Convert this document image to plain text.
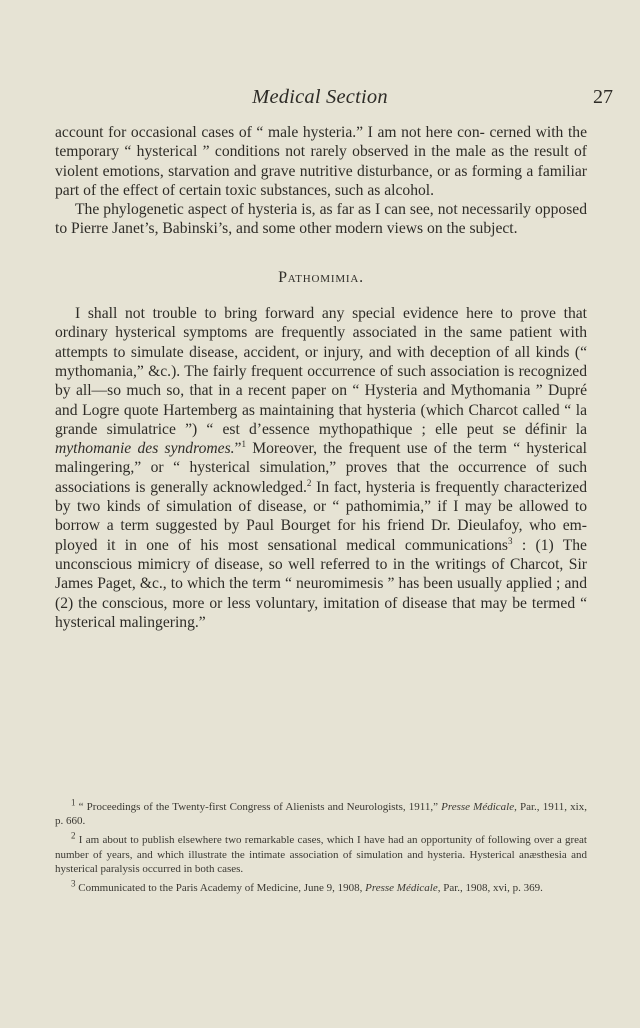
Medical Section	27

account for occasional cases of “ male hysteria.” I am not here con- cerned with the temporary “ hysterical ” conditions not rarely observed in the male as the result of violent emotions, starvation and grave nutritive disturbance, or as forming a familiar part of the effect of certain toxic substances, such as alcohol.

The phylogenetic aspect of hysteria is, as far as I can see, not necessarily opposed to Pierre Janet’s, Babinski’s, and some other modern views on the subject.

Pathomimia.

I shall not trouble to bring forward any special evidence here to prove that ordinary hysterical symptoms are frequently associated in the same patient with attempts to simulate disease, accident, or injury, and with deception of all kinds (“ mythomania,” &c.). The fairly frequent occurrence of such association is recognized by all—so much so, that in a recent paper on “ Hysteria and Mythomania ” Dupré and Logre quote Hartemberg as maintaining that hysteria (which Charcot called “ la grande simulatrice ”) “ est d’essence mythopathique ; elle peut se définir la mythomanie des syndromes.”$^1$ Moreover, the frequent use of the term “ hysterical malingering,” or “ hysterical simulation,” proves that the occurrence of such associations is generally acknowledged.$^2$ In fact, hysteria is frequently characterized by two kinds of simulation of disease, or “ pathomimia,” if I may be allowed to borrow a term suggested by Paul Bourget for his friend Dr. Dieulafoy, who em- ployed it in one of his most sensational medical communications$^3$ : (1) The unconscious mimicry of disease, so well referred to in the writings of Charcot, Sir James Paget, &c., to which the term “ neuromimesis ” has been usually applied ; and (2) the conscious, more or less voluntary, imitation of disease that may be termed “ hysterical malingering.”

$^1$ “ Proceedings of the Twenty-first Congress of Alienists and Neurologists, 1911,” Presse Médicale, Par., 1911, xix, p. 660.

$^2$ I am about to publish elsewhere two remarkable cases, which I have had an opportunity of following over a great number of years, and which illustrate the intimate association of simulation and hysteria. Hysterical anæsthesia and hysterical paralysis occurred in both cases.

$^3$ Communicated to the Paris Academy of Medicine, June 9, 1908, Presse Médicale, Par., 1908, xvi, p. 369.
